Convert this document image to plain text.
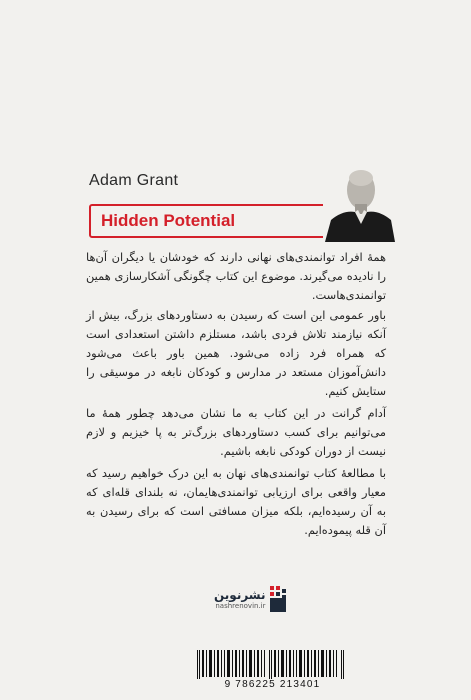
Adam Grant
Hidden Potential
همهٔ افراد توانمندی‌های نهانی دارند که خودشان یا دیگران آن‌ها را نادیده می‌گیرند. موضوع این کتاب چگونگی آشکارسازی همین توانمندی‌هاست.
باور عمومی این است که رسیدن به دستاوردهای بزرگ، بیش از آنکه نیازمند تلاش فردی باشد، مستلزم داشتن استعدادی است که همراه فرد زاده می‌شود. همین باور باعث می‌شود دانش‌آموزان مستعد در مدارس و کودکان نابغه در موسیقی را ستایش کنیم.
آدام گرانت در این کتاب به ما نشان می‌دهد چطور همهٔ ما می‌توانیم برای کسب دستاوردهای بزرگ‌تر به پا خیزیم و لازم نیست از دوران کودکی نابغه باشیم.
با مطالعهٔ کتاب توانمندی‌های نهان به این درک خواهیم رسید که معیار واقعی برای ارزیابی توانمندی‌هایمان، نه بلندای قله‌ای که به آن رسیده‌ایم، بلکه میزان مسافتی است که برای رسیدن به آن قله پیموده‌ایم.
نشرنوین
nashrenovin.ir
9 786225 213401
